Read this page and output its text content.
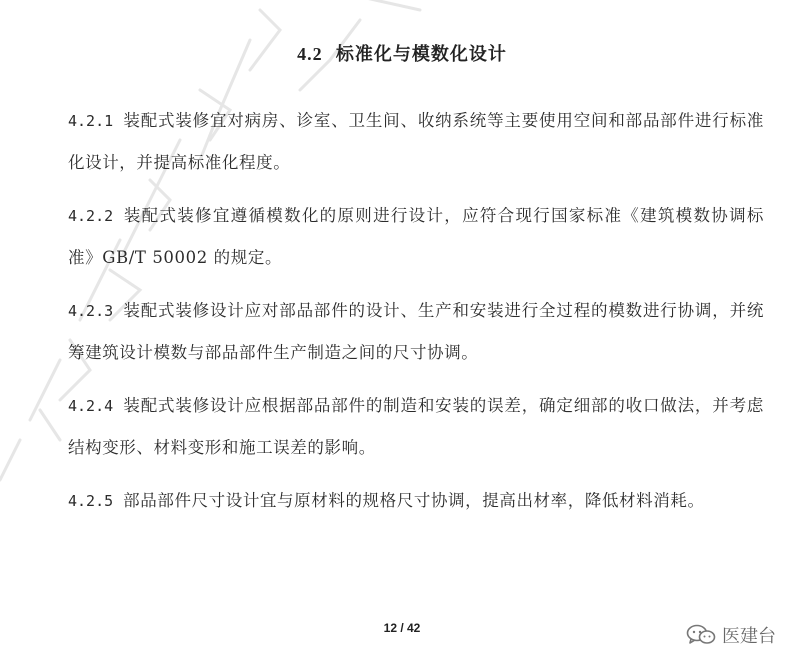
4.2 标准化与模数化设计

4.2.1 装配式装修宜对病房、诊室、卫生间、收纳系统等主要使用空间和部品部件进行标准化设计，并提高标准化程度。

4.2.2 装配式装修宜遵循模数化的原则进行设计，应符合现行国家标准《建筑模数协调标准》GB/T 50002 的规定。

4.2.3 装配式装修设计应对部品部件的设计、生产和安装进行全过程的模数进行协调，并统筹建筑设计模数与部品部件生产制造之间的尺寸协调。

4.2.4 装配式装修设计应根据部品部件的制造和安装的误差，确定细部的收口做法，并考虑结构变形、材料变形和施工误差的影响。

4.2.5 部品部件尺寸设计宜与原材料的规格尺寸协调，提高出材率，降低材料消耗。

12 / 42	医建台
